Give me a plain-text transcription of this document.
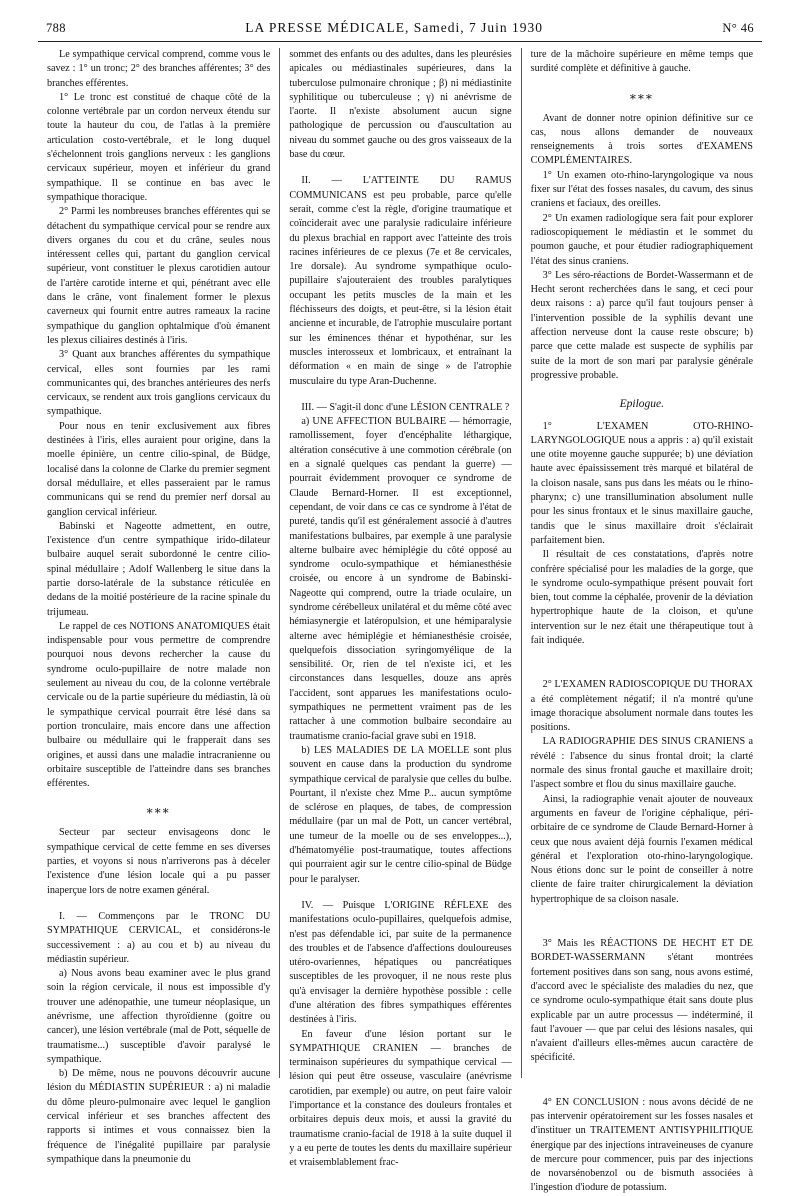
788	LA PRESSE MÉDICALE, Samedi, 7 Juin 1930	N° 46

Le sympathique cervical comprend, comme vous le savez : 1° un tronc; 2° des branches afférentes; 3° des branches efférentes.

1° Le tronc est constitué de chaque côté de la colonne vertébrale par un cordon nerveux étendu sur toute la hauteur du cou, de l'atlas à la première articulation costo-vertébrale, et le long duquel s'échelonnent trois ganglions nerveux : les ganglions cervicaux supérieur, moyen et inférieur du grand sympathique. Il se continue en bas avec le sympathique thoracique.

2° Parmi les nombreuses branches efférentes qui se détachent du sympathique cervical pour se rendre aux divers organes du cou et du crâne, seules nous intéressent celles qui, partant du ganglion cervical supérieur, vont constituer le plexus carotidien autour de l'artère carotide interne et qui, pénétrant avec elle dans le crâne, vont finalement former le plexus caverneux qui fournit entre autres rameaux la racine sympathique du ganglion ophtalmique d'où émanent les plexus ciliaires destinés à l'iris.

3° Quant aux branches afférentes du sympathique cervical, elles sont fournies par les rami communicantes qui, des branches antérieures des nerfs cervicaux, se rendent aux trois ganglions cervicaux du sympathique.

Pour nous en tenir exclusivement aux fibres destinées à l'iris, elles auraient pour origine, dans la moelle épinière, un centre cilio-spinal, de Büdge, localisé dans la colonne de Clarke du premier segment dorsal médullaire, et elles passeraient par le ramus communicans qui se rend du premier nerf dorsal au ganglion cervical inférieur.

Babinski et Nageotte admettent, en outre, l'existence d'un centre sympathique irido-dilateur bulbaire auquel serait subordonné le centre cilio-spinal médullaire ; Adolf Wallenberg le situe dans la partie dorso-latérale de la substance réticulée en dedans de la moitié postérieure de la racine spinale du trijumeau.

Le rappel de ces NOTIONS ANATOMIQUES était indispensable pour vous permettre de comprendre pourquoi nous devons rechercher la cause du syndrome oculo-pupillaire de notre malade non seulement au niveau du cou, de la colonne vertébrale cervicale ou de la partie supérieure du médiastin, là où le sympathique cervical pourrait être lésé dans sa portion tronculaire, mais encore dans une affection bulbaire ou médullaire qui le frapperait dans ses origines, et aussi dans une maladie intracranienne ou orbitaire susceptible de l'atteindre dans ses branches efférentes.

⁎⁎⁎

Secteur par secteur envisageons donc le sympathique cervical de cette femme en ses diverses parties, et voyons si nous n'arriverons pas à déceler l'existence d'une lésion locale qui a pu passer inaperçue lors de notre examen général.

I. — Commençons par le TRONC DU SYMPATHIQUE CERVICAL, et considérons-le successivement : a) au cou et b) au niveau du médiastin supérieur.

a) Nous avons beau examiner avec le plus grand soin la région cervicale, il nous est impossible d'y trouver une adénopathie, une tumeur néoplasique, un anévrisme, une affection thyroïdienne (goitre ou cancer), une lésion vertébrale (mal de Pott, séquelle de traumatisme...) susceptible d'avoir paralysé le sympathique.

b) De même, nous ne pouvons découvrir aucune lésion du MÉDIASTIN SUPÉRIEUR : a) ni maladie du dôme pleuro-pulmonaire avec lequel le ganglion cervical inférieur et ses branches affectent des rapports si intimes et vous connaissez bien la fréquence de l'inégalité pupillaire par paralysie sympathique dans la pneumonie du

sommet des enfants ou des adultes, dans les pleurésies apicales ou médiastinales supérieures, dans la tuberculose pulmonaire chronique ; β) ni médiastinite syphilitique ou tuberculeuse ; γ) ni anévrisme de l'aorte. Il n'existe absolument aucun signe pathologique de percussion ou d'auscultation au niveau du sommet gauche ou des gros vaisseaux de la base du cœur.

II. — L'ATTEINTE DU RAMUS COMMUNICANS est peu probable, parce qu'elle serait, comme c'est la règle, d'origine traumatique et coïnciderait avec une paralysie radiculaire inférieure du plexus brachial en rapport avec l'atteinte des trois racines inférieures de ce plexus (7e et 8e cervicales, 1re dorsale). Au syndrome sympathique oculo-pupillaire s'ajouteraient des troubles paralytiques occupant les petits muscles de la main et les fléchisseurs des doigts, et peut-être, si la lésion était ancienne et incurable, de l'atrophie musculaire portant sur les éminences thénar et hypothénar, sur les muscles interosseux et lombricaux, et entraînant la déformation « en main de singe » de l'atrophie musculaire du type Aran-Duchenne.

III. — S'agit-il donc d'une LÉSION CENTRALE ?

a) UNE AFFECTION BULBAIRE — hémorragie, ramollissement, foyer d'encéphalite léthargique, altération consécutive à une commotion cérébrale (on en a signalé quelques cas pendant la guerre) — pourrait évidemment provoquer ce syndrome de Claude Bernard-Horner. Il est exceptionnel, cependant, de voir dans ce cas ce syndrome à l'état de pureté, tandis qu'il est généralement associé à d'autres manifestations bulbaires, par exemple à une paralysie alterne bulbaire avec hémiplégie du côté opposé au syndrome oculo-sympathique et hémianesthésie croisée, ou encore à un syndrome de Babinski-Nageotte qui comprend, outre la triade oculaire, un syndrome cérébelleux unilatéral et du même côté avec hémiasynergie et latéropulsion, et une hémiparalysie alterne avec hémiplégie et hémianesthésie croisée, quelquefois dissociation syringomyélique de la sensibilité. Or, rien de tel n'existe ici, et les circonstances dans lesquelles, douze ans après l'accident, sont apparues les manifestations oculo-sympathiques ne permettent vraiment pas de les rattacher à une commotion bulbaire secondaire au traumatisme cranio-facial grave subi en 1918.

b) LES MALADIES DE LA MOELLE sont plus souvent en cause dans la production du syndrome sympathique cervical de paralysie que celles du bulbe. Pourtant, il n'existe chez Mme P... aucun symptôme de sclérose en plaques, de tabes, de compression médullaire (par un mal de Pott, un cancer vertébral, une tumeur de la moelle ou de ses enveloppes...), d'hématomyélie post-traumatique, toutes affections qui pourraient agir sur le centre cilio-spinal de Büdge pour le paralyser.

IV. — Puisque L'ORIGINE RÉFLEXE des manifestations oculo-pupillaires, quelquefois admise, n'est pas défendable ici, par suite de la permanence des troubles et de l'absence d'affections douloureuses utéro-ovariennes, hépatiques ou pancréatiques susceptibles de les provoquer, il ne nous reste plus qu'à envisager la dernière hypothèse possible : celle d'une altération des fibres sympathiques efférentes destinées à l'iris.

En faveur d'une lésion portant sur le SYMPATHIQUE CRANIEN — branches de terminaison supérieures du sympathique cervical — lésion qui peut être osseuse, vasculaire (anévrisme carotidien, par exemple) ou autre, on peut faire valoir l'importance et la constance des douleurs frontales et orbitaires depuis deux mois, et aussi la gravité du traumatisme cranio-facial de 1918 à la suite duquel il y a eu perte de toutes les dents du maxillaire supérieur et vraisemblablement frac-

ture de la mâchoire supérieure en même temps que surdité complète et définitive à gauche.

⁎⁎⁎

Avant de donner notre opinion définitive sur ce cas, nous allons demander de nouveaux renseignements à trois sortes d'EXAMENS COMPLÉMENTAIRES.

1° Un examen oto-rhino-laryngologique va nous fixer sur l'état des fosses nasales, du cavum, des sinus craniens et faciaux, des oreilles.

2° Un examen radiologique sera fait pour explorer radioscopiquement le médiastin et le sommet du poumon gauche, et pour étudier radiographiquement l'état des sinus craniens.

3° Les séro-réactions de Bordet-Wassermann et de Hecht seront recherchées dans le sang, et ceci pour deux raisons : a) parce qu'il faut toujours penser à l'intervention possible de la syphilis devant une affection nerveuse dont la cause reste obscure; b) parce que cette malade est suspecte de syphilis par suite de la mort de son mari par paralysie générale progressive probable.

Epilogue.

1° L'EXAMEN OTO-RHINO-LARYNGOLOGIQUE nous a appris : a) qu'il existait une otite moyenne gauche suppurée; b) une déviation haute avec épaississement très marqué et bilatéral de la cloison nasale, sans pus dans les méats ou le rhino-pharynx; c) une transillumination absolument nulle pour les sinus frontaux et le sinus maxillaire gauche, tandis que le sinus maxillaire droit s'éclairait parfaitement bien.

Il résultait de ces constatations, d'après notre confrère spécialisé pour les maladies de la gorge, que le syndrome oculo-sympathique présent pouvait fort bien, tout comme la céphalée, provenir de la déviation hypertrophique haute de la cloison, et qu'une intervention sur le nez était une thérapeutique tout à fait indiquée.

2° L'EXAMEN RADIOSCOPIQUE DU THORAX a été complètement négatif; il n'a montré qu'une image thoracique absolument normale dans toutes les positions.

LA RADIOGRAPHIE DES SINUS CRANIENS a révélé : l'absence du sinus frontal droit; la clarté normale des sinus frontal gauche et maxillaire droit; l'aspect sombre et flou du sinus maxillaire gauche.

Ainsi, la radiographie venait ajouter de nouveaux arguments en faveur de l'origine céphalique, péri-orbitaire de ce syndrome de Claude Bernard-Horner à ceux que nous avaient déjà fournis l'examen médical général et l'exploration oto-rhino-laryngologique. Nous étions donc sur le point de conseiller à notre cliente de faire traiter chirurgicalement la déviation hypertrophique de sa cloison nasale.

3° Mais les RÉACTIONS DE HECHT ET DE BORDET-WASSERMANN s'étant montrées fortement positives dans son sang, nous avons estimé, d'accord avec le spécialiste des maladies du nez, que ce syndrome oculo-sympathique était sans doute plus explicable par un autre processus — indéterminé, il faut l'avouer — que par celui des lésions nasales, qui n'avaient d'ailleurs elles-mêmes aucun caractère de spécificité.

4° EN CONCLUSION : nous avons décidé de ne pas intervenir opératoirement sur les fosses nasales et d'instituer un TRAITEMENT ANTISYPHILITIQUE énergique par des injections intraveineuses de cyanure de mercure pour commencer, puis par des injections de novarsénobenzol ou de bismuth associées à l'ingestion d'iodure de potassium.
